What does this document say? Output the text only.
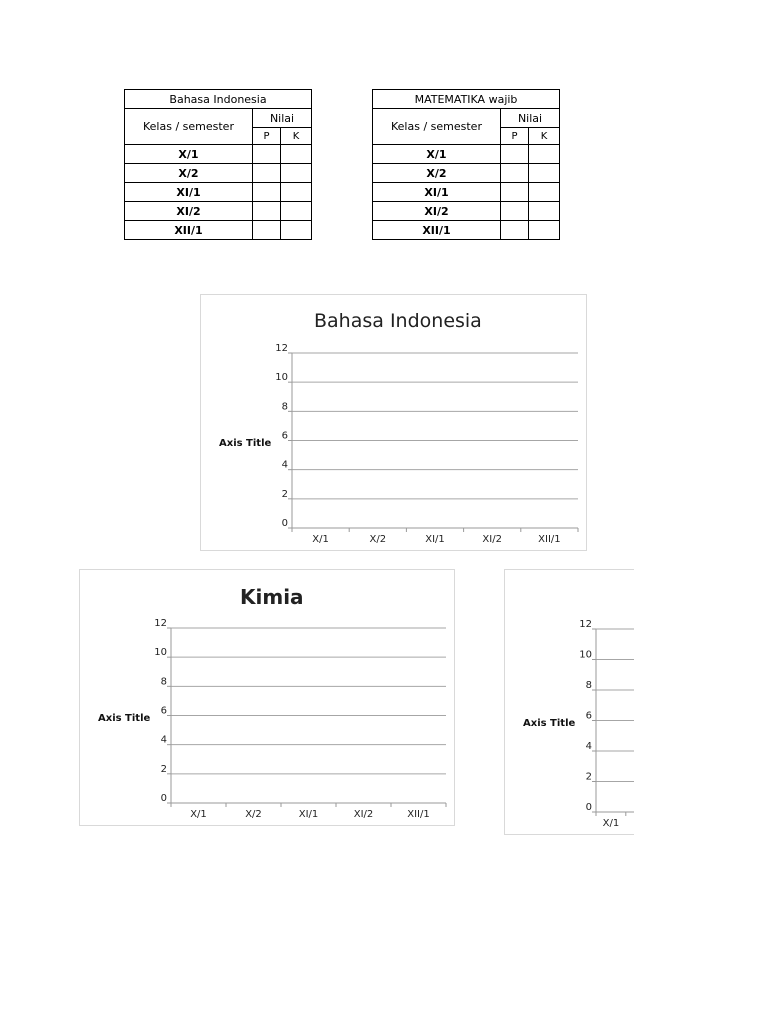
Bahasa Indonesia		
Kelas / semester	Nilai	
	P	K
X/1		
X/2		
XI/1		
XI/2		
XII/1		
MATEMATIKA wajib		
Kelas / semester	Nilai	
	P	K
X/1		
X/2		
XI/1		
XI/2		
XII/1		
Bahasa Indonesia
Axis Title
0
2
4
6
8
10
12
X/1	X/2	XI/1	XI/2	XII/1
Kimia
Axis Title
0
2
4
6
8
10
12
X/1	X/2	XI/1	XI/2	XII/1
Axis Title
0
2
4
6
8
10
12
X/1
